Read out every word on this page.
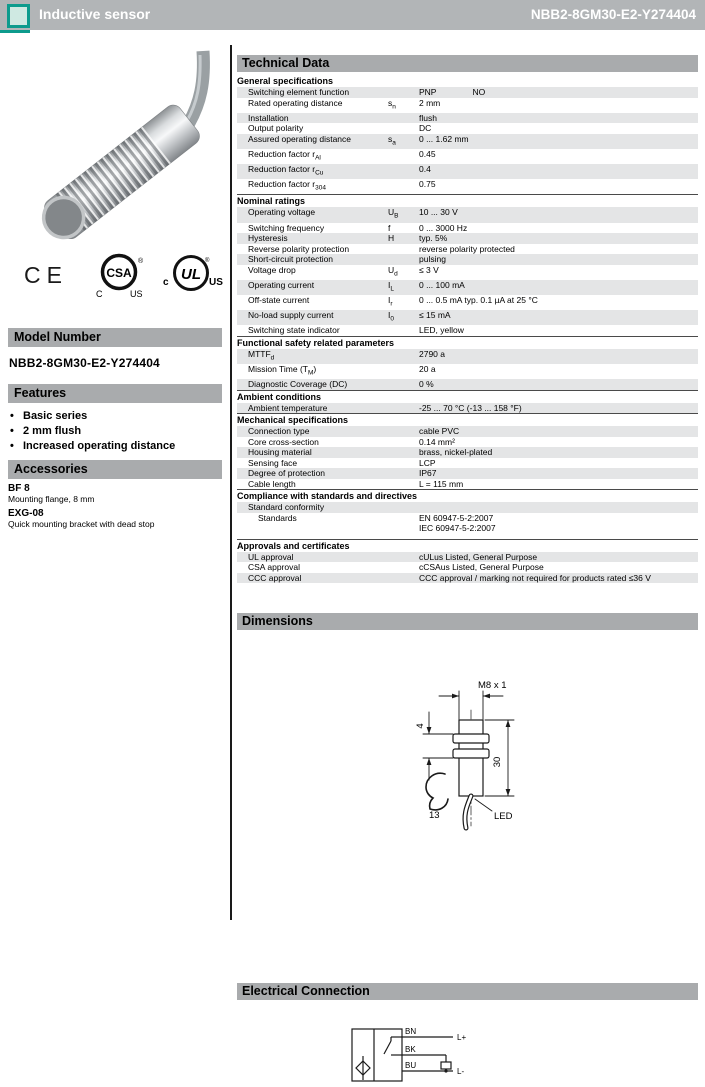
Inductive sensor	NBB2-8GM30-E2-Y274404
CE	CSA
®
C	US
UL
c	US
®
Model Number
NBB2-8GM30-E2-Y274404
Features
• Basic series
• 2 mm flush
• Increased operating distance
Accessories
BF 8
Mounting flange, 8 mm
EXG-08
Quick mounting bracket with dead stop
Technical Data
General specifications
Switching element function	PNP	NO
Rated operating distance	$s_n$	2 mm
Installation	flush
Output polarity	DC
Assured operating distance	$s_a$	0 ... 1.62 mm
Reduction factor $r_{Al}$	0.45
Reduction factor $r_{Cu}$	0.4
Reduction factor $r_{304}$	0.75
Nominal ratings
Operating voltage	$U_B$	10 ... 30 V
Switching frequency	f	0 ... 3000 Hz
Hysteresis	H	typ. 5%
Reverse polarity protection	reverse polarity protected
Short-circuit protection	pulsing
Voltage drop	$U_d$	≤ 3 V
Operating current	$I_L$	0 ... 100 mA
Off-state current	$I_r$	0 ... 0.5 mA typ. 0.1 µA at 25 °C
No-load supply current	$I_0$	≤ 15 mA
Switching state indicator	LED, yellow
Functional safety related parameters
$MTTF_d$	2790 a
Mission Time $(T_M)$	20 a
Diagnostic Coverage (DC)	0 %
Ambient conditions
Ambient temperature	-25 ... 70 °C (-13 ... 158 °F)
Mechanical specifications
Connection type	cable PVC
Core cross-section	0.14 mm²
Housing material	brass, nickel-plated
Sensing face	LCP
Degree of protection	IP67
Cable length	L = 115 mm
Compliance with standards and directives
Standard conformity
Standards	EN 60947-5-2:2007
IEC 60947-5-2:2007
Approvals and certificates
UL approval	cULus Listed, General Purpose
CSA approval	cCSAus Listed, General Purpose
CCC approval	CCC approval / marking not required for products rated ≤36 V
Dimensions
M8 x 1
4
30
13	LED
Electrical Connection
BN
BK
BU
L+
L-
